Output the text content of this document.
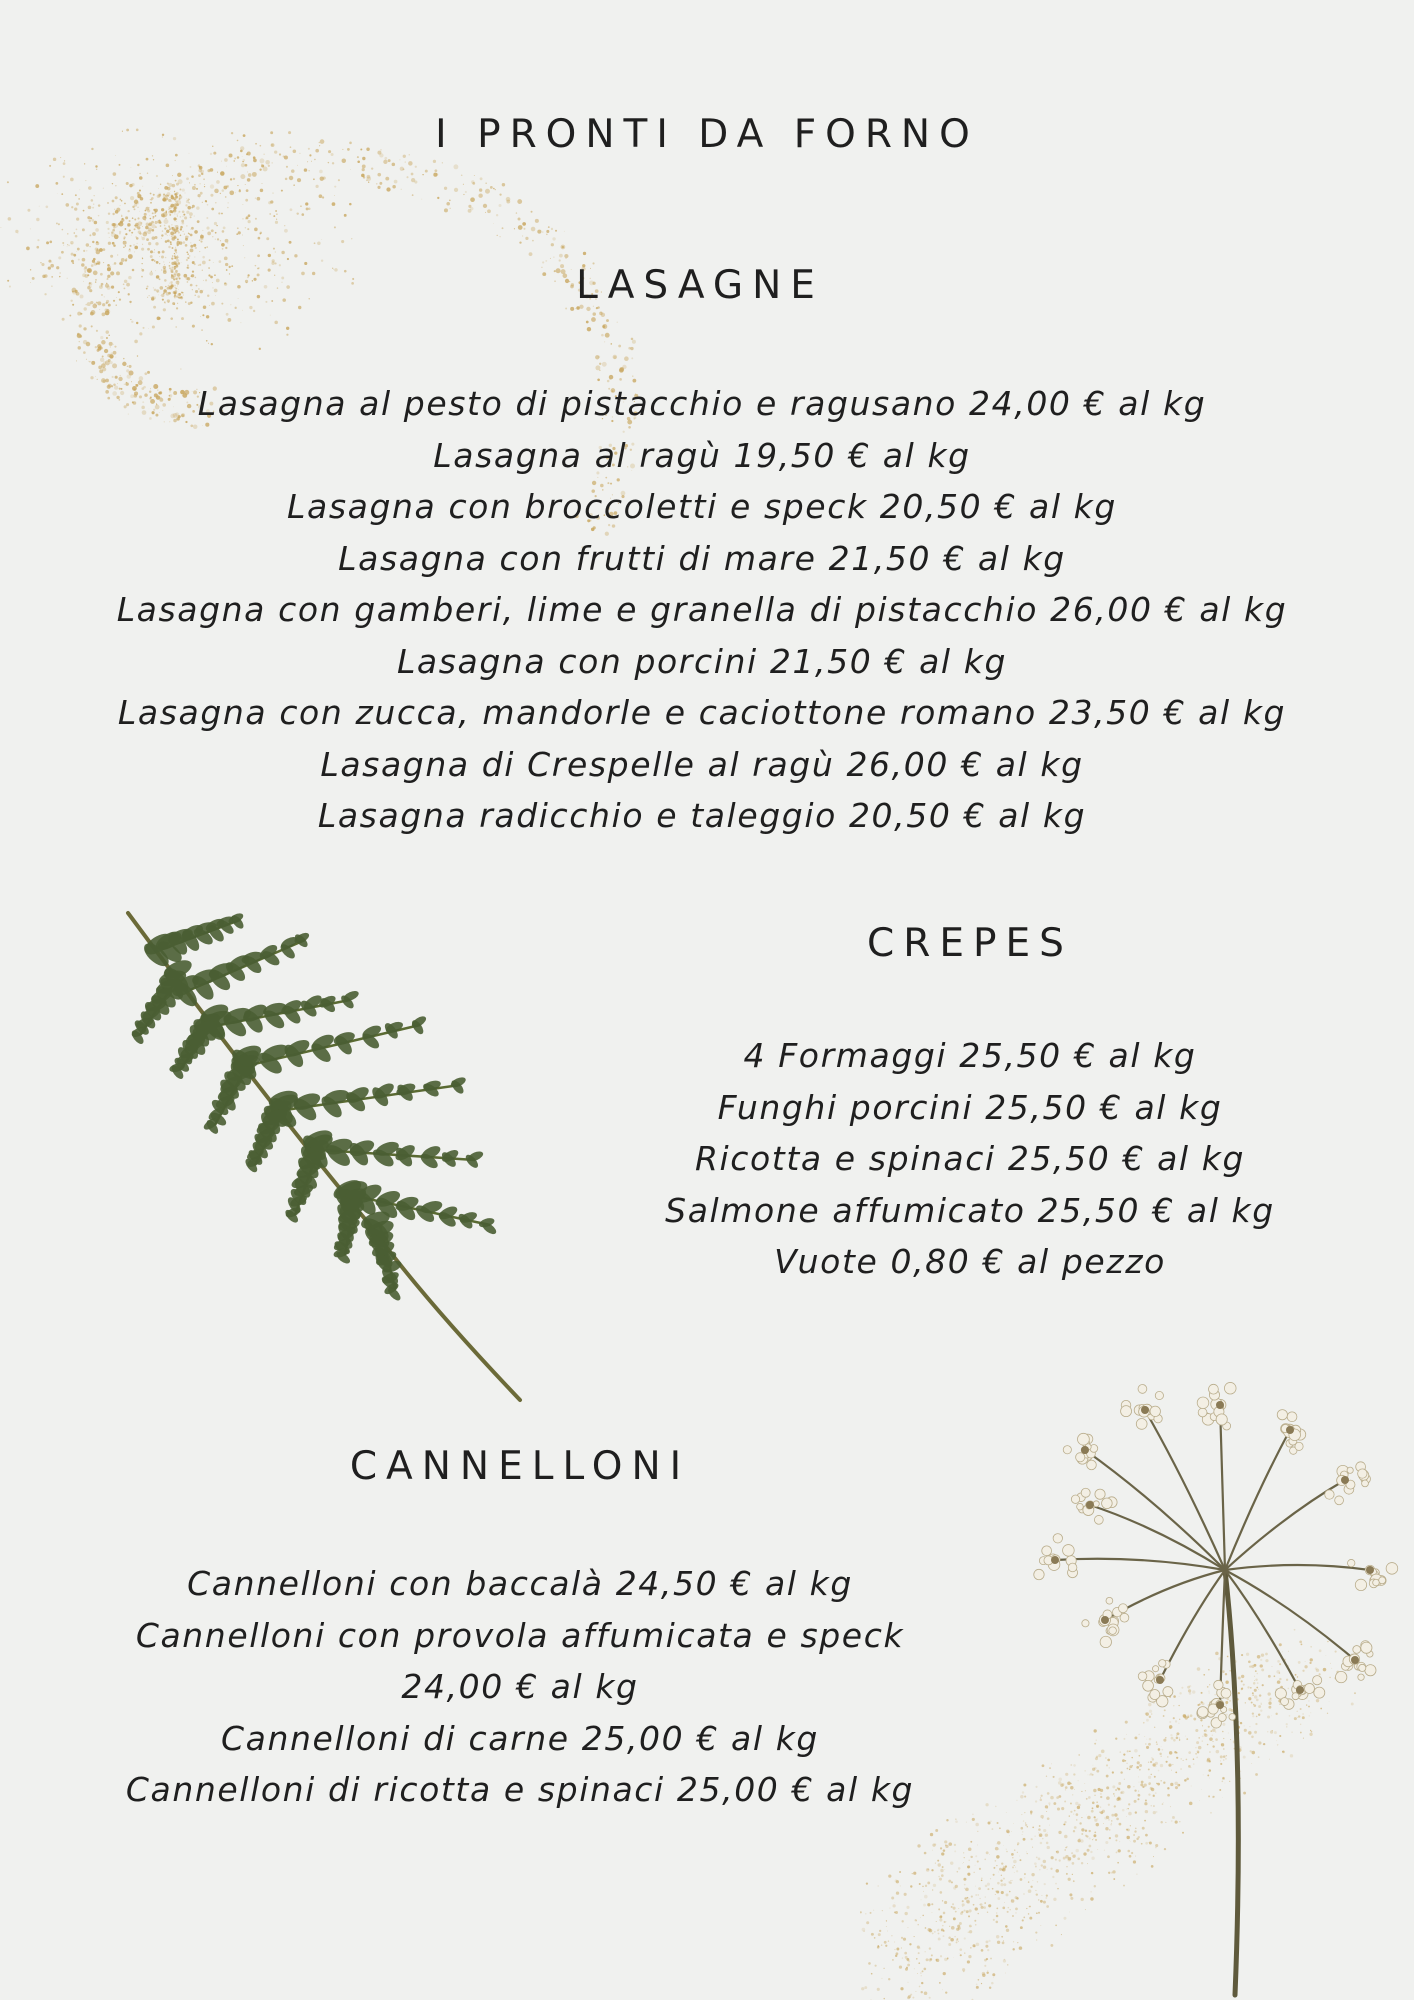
I PRONTI DA FORNO
LASAGNE
Lasagna al pesto di pistacchio e ragusano 24,00 € al kg
Lasagna al ragù 19,50 € al kg
Lasagna con broccoletti e speck 20,50 € al kg
Lasagna con frutti di mare 21,50 € al kg
Lasagna con gamberi, lime e granella di pistacchio 26,00 € al kg
Lasagna con porcini 21,50 € al kg
Lasagna con zucca, mandorle e caciottone romano 23,50 € al kg
Lasagna di Crespelle al ragù 26,00 € al kg
Lasagna radicchio e taleggio 20,50 € al kg
CREPES
4 Formaggi 25,50 € al kg
Funghi porcini 25,50 € al kg
Ricotta e spinaci 25,50 € al kg
Salmone affumicato 25,50 € al kg
Vuote 0,80 € al pezzo
CANNELLONI
Cannelloni con baccalà 24,50 € al kg
Cannelloni con provola affumicata e speck
24,00 € al kg
Cannelloni di carne 25,00 € al kg
Cannelloni di ricotta e spinaci 25,00 € al kg
